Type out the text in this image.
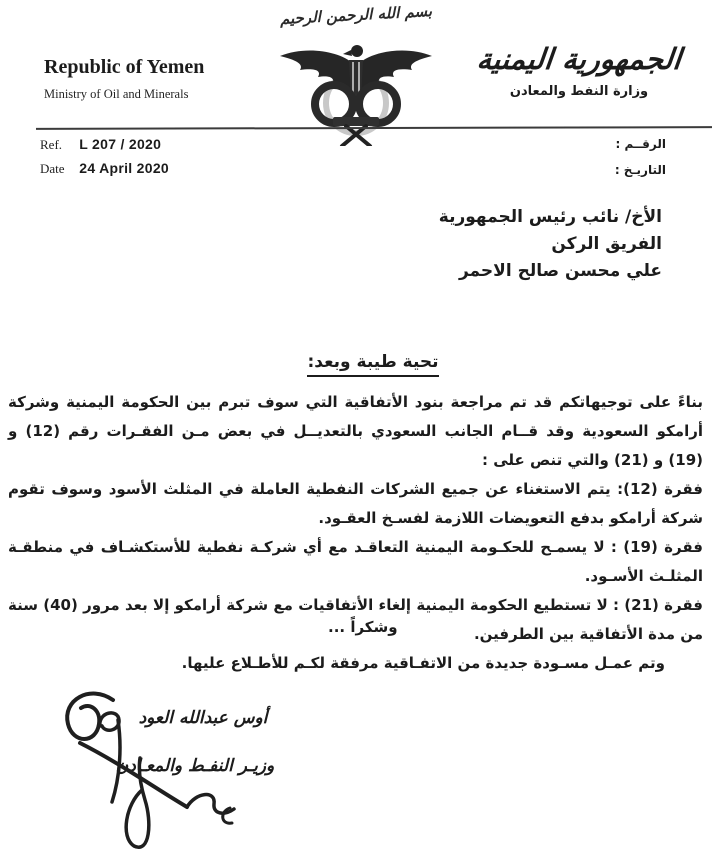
بسم الله الرحمن الرحيم
Republic of Yemen
Ministry of Oil and Minerals
الجمهورية اليمنية
وزارة النفط والمعادن
Ref. L 207 / 2020
Date 24 April 2020
الرقــم :
التاريـخ :
الأخ/ نائب رئيس الجمهورية
الفريق الركن
علي محسن صالح الاحمر
تحية طيبة وبعد:

بناءً على توجيهاتكم قد تم مراجعة بنود الأتفاقية التي سوف تبرم بين الحكومة اليمنية وشركة أرامكو السعودية وقد قــام الجانب السعودي بالتعديــل في بعض مـن الفقـرات رقم (12) و (19) و (21) والتي تنص على :

فقرة (12): يتم الاستغناء عن جميع الشركات النفطية العاملة في المثلث الأسود وسوف تقوم شركة أرامكو بدفع التعويضات اللازمة لفسـخ العقـود.

فقرة (19) : لا يسمـح للحكـومة اليمنية التعاقـد مع أي شركـة نفطية للأستكشـاف في منطقـة المثلـث الأسـود.

فقرة (21) : لا تستطيع الحكومة اليمنية إلغاء الأتفاقيات مع شركة أرامكو إلا بعد مرور (40) سنة من مدة الأتفاقية بين الطرفين.

وتم عمـل مسـودة جديدة من الاتفـاقية مرفقة لكـم للأطـلاع عليها.

وشكراً ...
أوس عبدالله العود
وزيـر النفـط والمعـادن
